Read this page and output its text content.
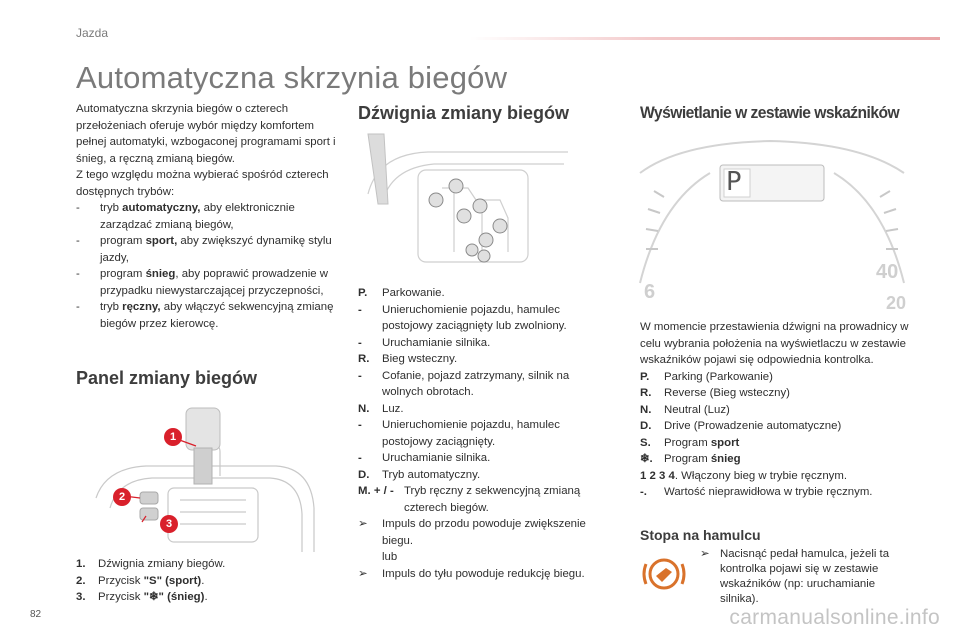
Jazda
Automatyczna skrzynia biegów

Automatyczna skrzynia biegów o czterech przełożeniach oferuje wybór między komfortem pełnej automatyki, wzbogaconej programami sport i śnieg, a ręczną zmianą biegów.

Z tego względu można wybierać spośród czterech dostępnych trybów:

- tryb automatyczny, aby elektronicznie zarządzać zmianą biegów,
- program sport, aby zwiększyć dynamikę stylu jazdy,
- program śnieg, aby poprawić prowadzenie w przypadku niewystarczającej przyczepności,
- tryb ręczny, aby włączyć sekwencyjną zmianę biegów przez kierowcę.
Panel zmiany biegów
1
2
3
1. Dźwignia zmiany biegów.
2. Przycisk "S" (sport).
3. Przycisk "❄" (śnieg).
Dźwignia zmiany biegów
P. Parkowanie.
- Unieruchomienie pojazdu, hamulec postojowy zaciągnięty lub zwolniony.
- Uruchamianie silnika.
R. Bieg wsteczny.
- Cofanie, pojazd zatrzymany, silnik na wolnych obrotach.
N. Luz.
- Unieruchomienie pojazdu, hamulec postojowy zaciągnięty.
- Uruchamianie silnika.
D. Tryb automatyczny.
M. + / - Tryb ręczny z sekwencyjną zmianą czterech biegów.
➢ Impuls do przodu powoduje zwiększenie biegu.
lub
➢ Impuls do tyłu powoduje redukcję biegu.
Wyświetlanie w zestawie wskaźników
P
6
40
20
W momencie przestawienia dźwigni na prowadnicy w celu wybrania położenia na wyświetlaczu w zestawie wskaźników pojawi się odpowiednia kontrolka.
P. Parking (Parkowanie)
R. Reverse (Bieg wsteczny)
N. Neutral (Luz)
D. Drive (Prowadzenie automatyczne)
S. Program sport
❄. Program śnieg
1 2 3 4. Włączony bieg w trybie ręcznym.
-. Wartość nieprawidłowa w trybie ręcznym.
Stopa na hamulcu
➢ Nacisnąć pedał hamulca, jeżeli ta kontrolka pojawi się w zestawie wskaźników (np: uruchamianie silnika).
82	carmanualsonline.info
